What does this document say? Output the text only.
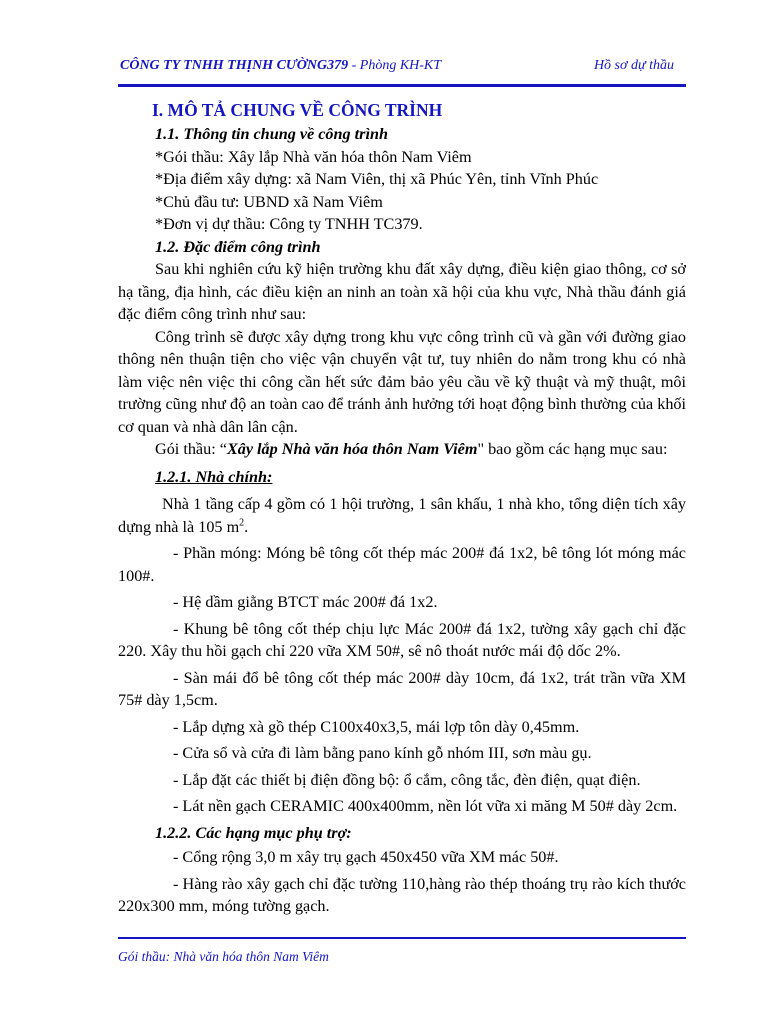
CÔNG TY TNHH THỊNH CƯỜNG379 - Phòng KH-KT	Hồ sơ dự thầu

I. MÔ TẢ CHUNG VỀ CÔNG TRÌNH

1.1. Thông tin chung về công trình

*Gói thầu: Xây lắp Nhà văn hóa thôn Nam Viêm

*Địa điểm xây dựng: xã Nam Viên, thị xã Phúc Yên, tỉnh Vĩnh Phúc

*Chủ đầu tư: UBND xã Nam Viêm

*Đơn vị dự thầu: Công ty TNHH TC379.

1.2. Đặc điểm công trình

Sau khi nghiên cứu kỹ hiện trường khu đất xây dựng, điều kiện giao thông, cơ sở hạ tầng, địa hình, các điều kiện an ninh an toàn xã hội của khu vực, Nhà thầu đánh giá đặc điểm công trình như sau:

Công trình sẽ được xây dựng trong khu vực công trình cũ và gần với đường giao thông nên thuận tiện cho việc vận chuyển vật tư, tuy nhiên do nằm trong khu có nhà làm việc nên việc thi công cần hết sức đảm bảo yêu cầu về kỹ thuật và mỹ thuật, môi trường cũng như độ an toàn cao để tránh ảnh hưởng tới hoạt động bình thường của khối cơ quan và nhà dân lân cận.

Gói thầu: “Xây lắp Nhà văn hóa thôn Nam Viêm" bao gồm các hạng mục sau:

1.2.1. Nhà chính:

Nhà 1 tầng cấp 4 gồm có 1 hội trường, 1 sân khấu, 1 nhà kho, tổng diện tích xây dựng nhà là 105 $m^2$.

- Phần móng: Móng bê tông cốt thép mác 200# đá 1x2, bê tông lót móng mác 100#.

- Hệ dầm giằng BTCT mác 200# đá 1x2.

- Khung bê tông cốt thép chịu lực Mác 200# đá 1x2, tường xây gạch chỉ đặc 220. Xây thu hồi gạch chỉ 220 vữa XM 50#, sê nô thoát nước mái độ dốc 2%.

- Sàn mái đổ bê tông cốt thép mác 200# dày 10cm, đá 1x2, trát trần vữa XM 75# dày 1,5cm.

- Lắp dựng xà gồ thép C100x40x3,5, mái lợp tôn dày 0,45mm.

- Cửa sổ và cửa đi làm bằng pano kính gỗ nhóm III, sơn màu gụ.

- Lắp đặt các thiết bị điện đồng bộ: ổ cắm, công tắc, đèn điện, quạt điện.

- Lát nền gạch CERAMIC 400x400mm, nền lót vữa xi măng M 50# dày 2cm.

1.2.2. Các hạng mục phụ trợ:

- Cổng rộng 3,0 m xây trụ gạch 450x450 vữa XM mác 50#.

- Hàng rào xây gạch chỉ đặc tường 110,hàng rào thép thoáng trụ rào kích thước 220x300 mm, móng tường gạch.

Gói thầu: Nhà văn hóa thôn Nam Viêm
